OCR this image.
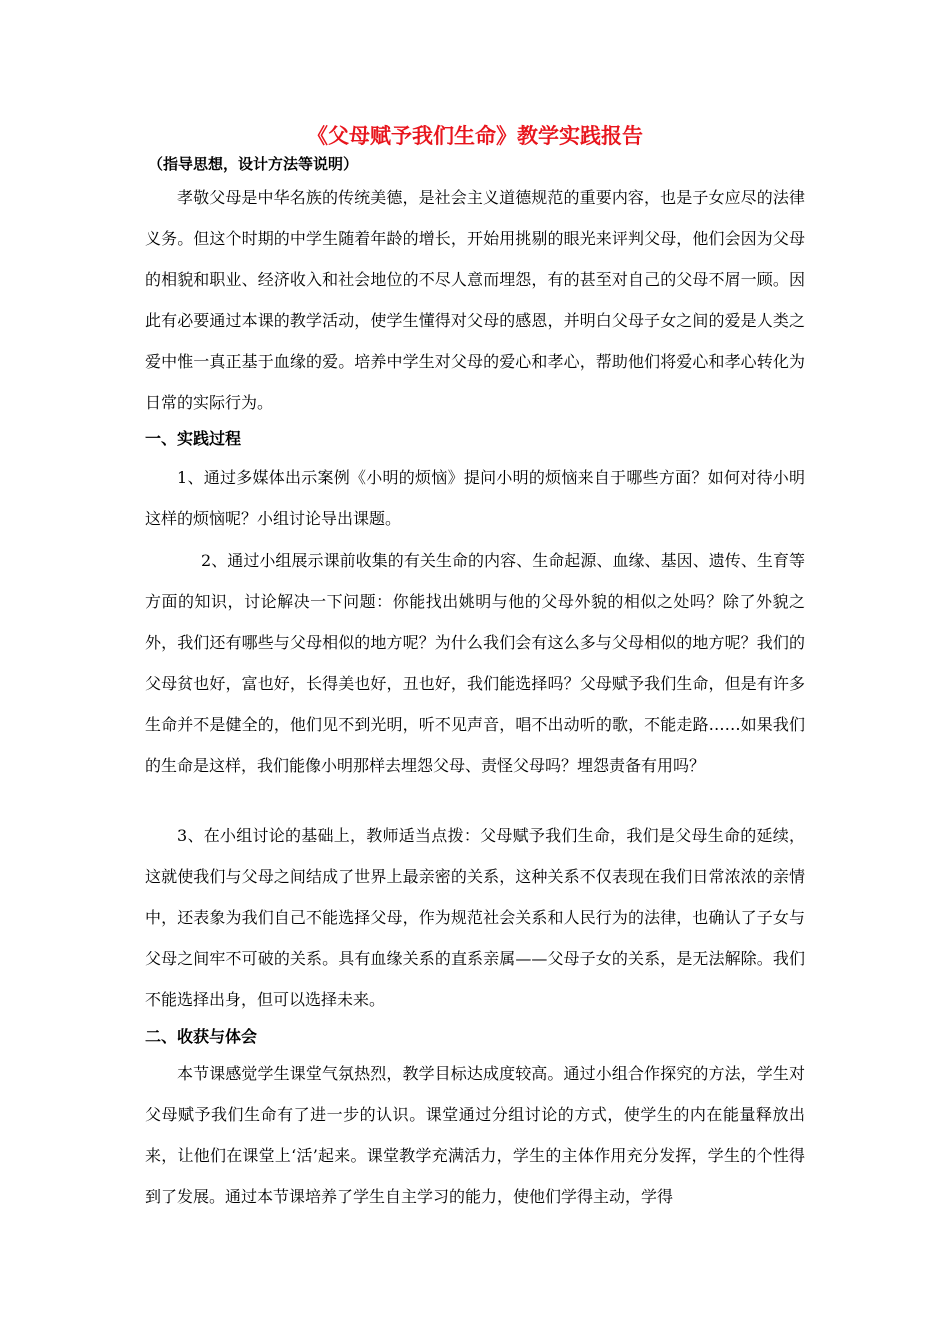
《父母赋予我们生命》教学实践报告
（指导思想，设计方法等说明）

孝敬父母是中华名族的传统美德，是社会主义道德规范的重要内容，也是子女应尽的法律义务。但这个时期的中学生随着年龄的增长，开始用挑剔的眼光来评判父母，他们会因为父母的相貌和职业、经济收入和社会地位的不尽人意而埋怨，有的甚至对自己的父母不屑一顾。因此有必要通过本课的教学活动，使学生懂得对父母的感恩，并明白父母子女之间的爱是人类之爱中惟一真正基于血缘的爱。培养中学生对父母的爱心和孝心，帮助他们将爱心和孝心转化为日常的实际行为。

一、实践过程

1、通过多媒体出示案例《小明的烦恼》提问小明的烦恼来自于哪些方面？如何对待小明这样的烦恼呢？小组讨论导出课题。

2、通过小组展示课前收集的有关生命的内容、生命起源、血缘、基因、遗传、生育等方面的知识，讨论解决一下问题：你能找出姚明与他的父母外貌的相似之处吗？除了外貌之外，我们还有哪些与父母相似的地方呢？为什么我们会有这么多与父母相似的地方呢？我们的父母贫也好，富也好，长得美也好，丑也好，我们能选择吗？父母赋予我们生命，但是有许多生命并不是健全的，他们见不到光明，听不见声音，唱不出动听的歌，不能走路……如果我们的生命是这样，我们能像小明那样去埋怨父母、责怪父母吗？埋怨责备有用吗？

3、在小组讨论的基础上，教师适当点拨：父母赋予我们生命，我们是父母生命的延续，这就使我们与父母之间结成了世界上最亲密的关系，这种关系不仅表现在我们日常浓浓的亲情中，还表象为我们自己不能选择父母，作为规范社会关系和人民行为的法律，也确认了子女与父母之间牢不可破的关系。具有血缘关系的直系亲属——父母子女的关系，是无法解除。我们不能选择出身，但可以选择未来。

二、收获与体会

本节课感觉学生课堂气氛热烈，教学目标达成度较高。通过小组合作探究的方法，学生对父母赋予我们生命有了进一步的认识。课堂通过分组讨论的方式，使学生的内在能量释放出来，让他们在课堂上‘活’起来。课堂教学充满活力，学生的主体作用充分发挥，学生的个性得到了发展。通过本节课培养了学生自主学习的能力，使他们学得主动，学得
